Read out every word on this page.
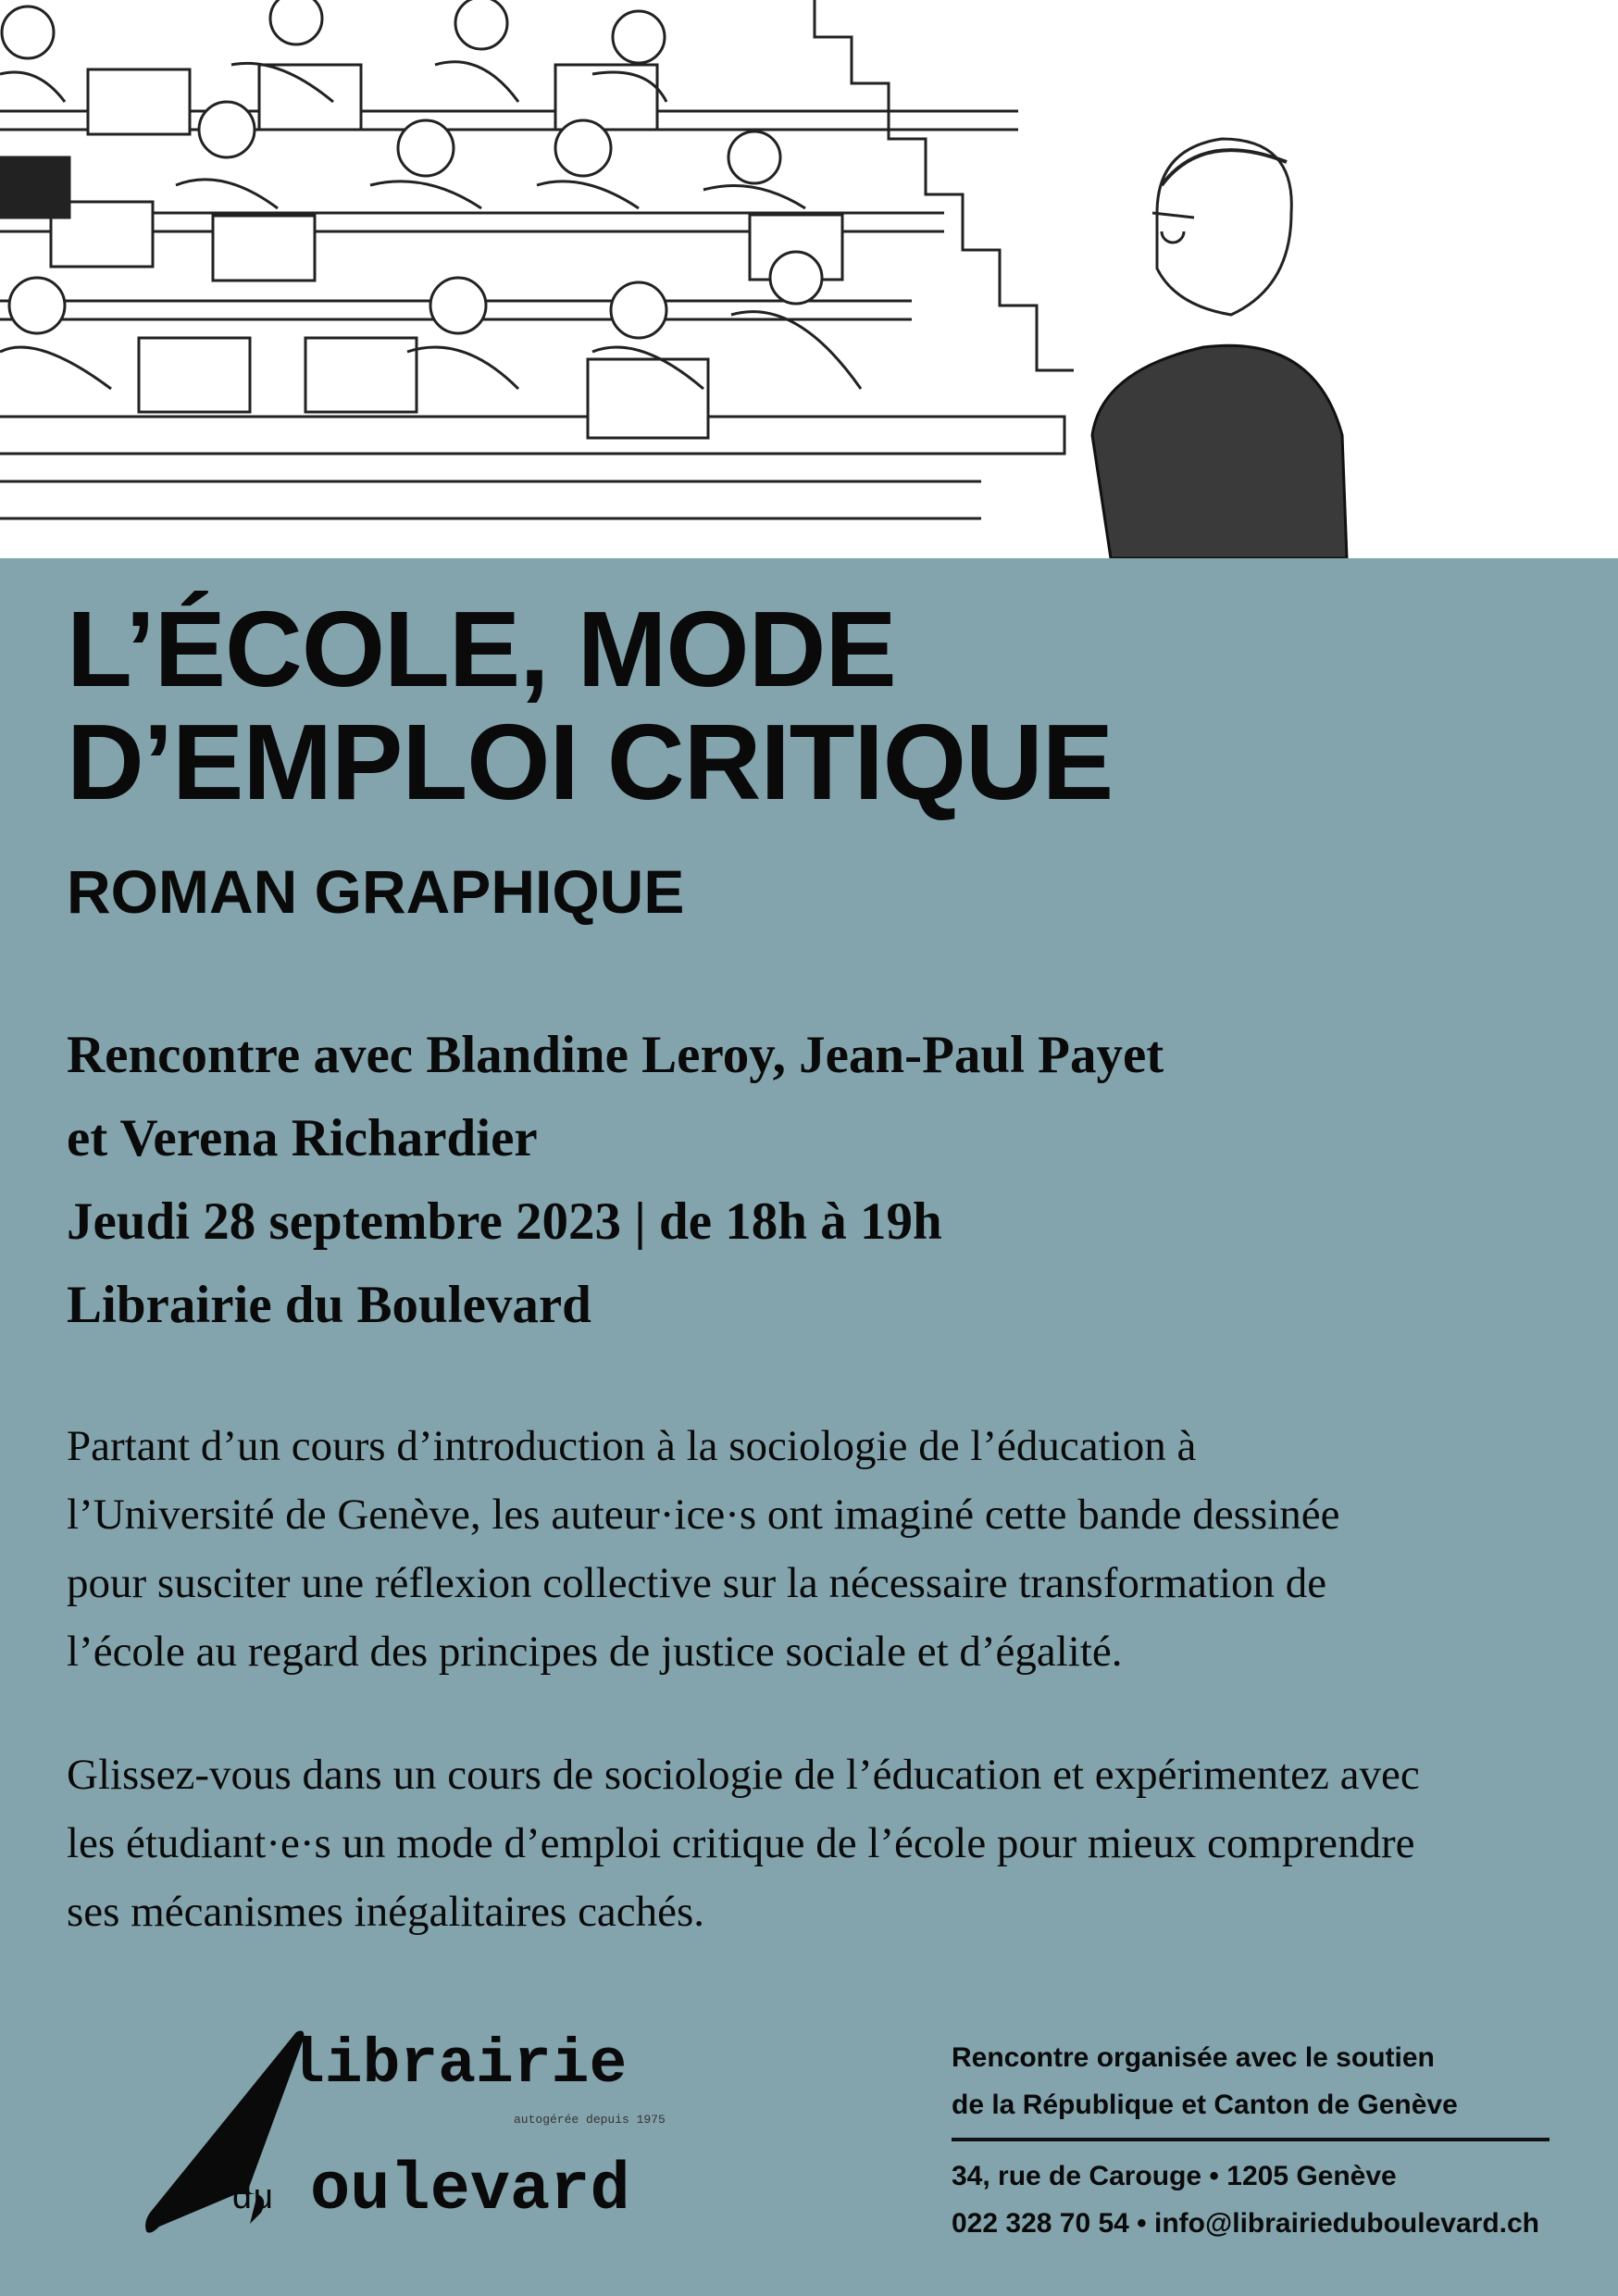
L’ÉCOLE, MODE
D’EMPLOI CRITIQUE
ROMAN GRAPHIQUE
Rencontre avec Blandine Leroy, Jean-Paul Payet
et Verena Richardier
Jeudi 28 septembre 2023 | de 18h à 19h
Librairie du Boulevard
Partant d’un cours d’introduction à la sociologie de l’éducation à
l’Université de Genève, les auteur·ice·s ont imaginé cette bande dessinée
pour susciter une réflexion collective sur la nécessaire transformation de
l’école au regard des principes de justice sociale et d’égalité.
Glissez-vous dans un cours de sociologie de l’éducation et expérimentez avec
les étudiant·e·s un mode d’emploi critique de l’école pour mieux comprendre
ses mécanismes inégalitaires cachés.
librairie
autogérée depuis 1975
du oulevard
Rencontre organisée avec le soutien
de la République et Canton de Genève
34, rue de Carouge • 1205 Genève
022 328 70 54 • info@librairieduboulevard.ch
